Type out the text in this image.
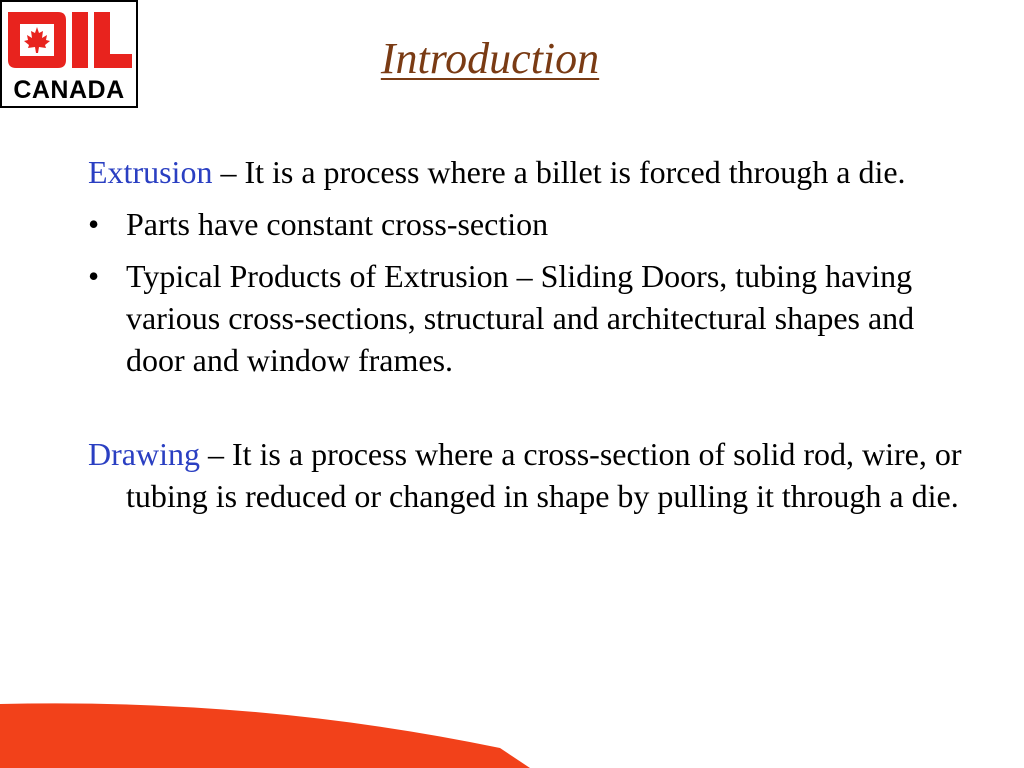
CANADA
Introduction

Extrusion – It is a process where a billet is forced through a die.

• Parts have constant cross-section
• Typical Products of Extrusion – Sliding Doors, tubing having various cross-sections, structural and architectural shapes and door and window frames.

Drawing – It is a process where a cross-section of solid rod, wire, or tubing is reduced or changed in shape by pulling it through a die.
